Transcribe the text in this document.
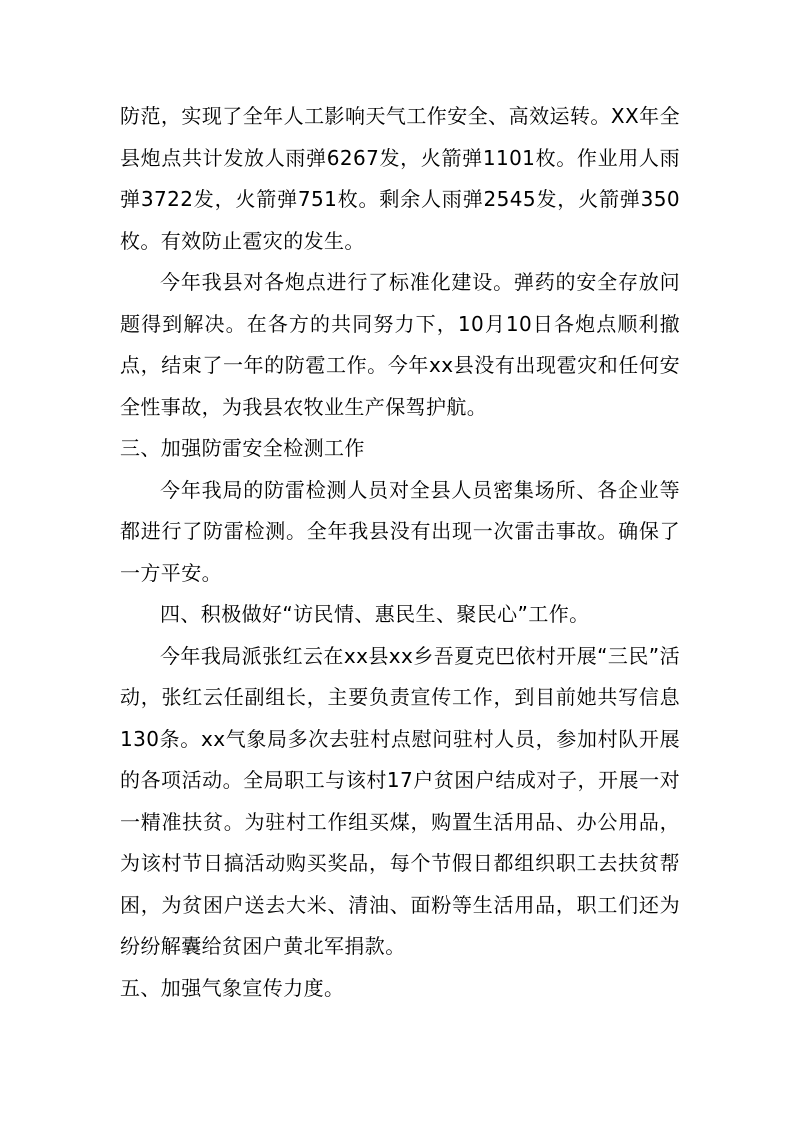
防范，实现了全年人工影响天气工作安全、高效运转。XX年全县炮点共计发放人雨弹6267发，火箭弹1101枚。作业用人雨弹3722发，火箭弹751枚。剩余人雨弹2545发，火箭弹350枚。有效防止雹灾的发生。

今年我县对各炮点进行了标准化建设。弹药的安全存放问题得到解决。在各方的共同努力下，10月10日各炮点顺利撤点，结束了一年的防雹工作。今年xx县没有出现雹灾和任何安全性事故，为我县农牧业生产保驾护航。

三、加强防雷安全检测工作

今年我局的防雷检测人员对全县人员密集场所、各企业等都进行了防雷检测。全年我县没有出现一次雷击事故。确保了一方平安。

四、积极做好“访民情、惠民生、聚民心”工作。

今年我局派张红云在xx县xx乡吾夏克巴依村开展“三民”活动，张红云任副组长，主要负责宣传工作，到目前她共写信息130条。xx气象局多次去驻村点慰问驻村人员，参加村队开展的各项活动。全局职工与该村17户贫困户结成对子，开展一对一精准扶贫。为驻村工作组买煤，购置生活用品、办公用品，为该村节日搞活动购买奖品，每个节假日都组织职工去扶贫帮困，为贫困户送去大米、清油、面粉等生活用品，职工们还为纷纷解囊给贫困户黄北军捐款。

五、加强气象宣传力度。
